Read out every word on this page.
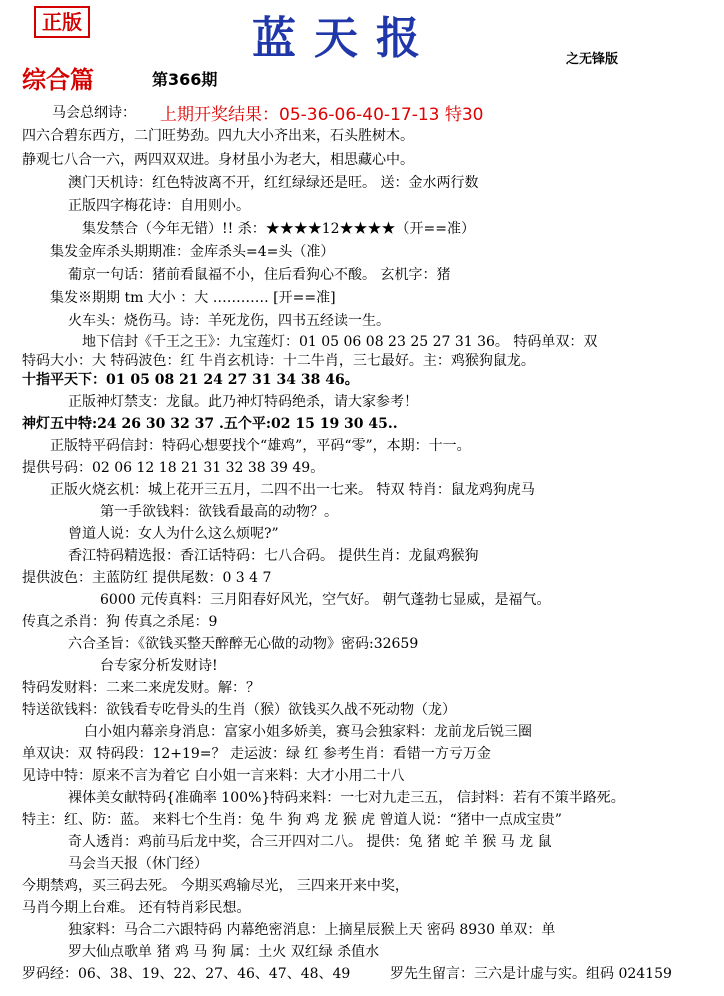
正版	蓝天报	之无锋版
综合篇	第366期
马会总纲诗： 上期开奖结果：05-36-06-40-17-13 特30
四六合碧东西方，二门旺势劲。四九大小齐出来，石头胜树木。
静观七八合一六，两四双双进。身材虽小为老大，相思藏心中。
澳门天机诗：红色特波离不开，红红绿绿还是旺。 送：金水两行数
正版四字梅花诗：自用则小。
集发禁合（今年无错）!! 杀：★★★★12★★★★（开==准）
集发金库杀头期期准：金库杀头=4=头（准）
葡京一句话：猪前看鼠福不小，住后看狗心不酸。 玄机字：猪
集发※期期 tm 大小 ：大 ………… [开==准]
火车头：烧伤马。诗：羊死龙伤，四书五经读一生。
地下信封《千王之王》：九宝莲灯：01 05 06 08 23 25 27 31 36。 特码单双：双
特码大小：大 特码波色：红 牛肖玄机诗：十二牛肖，三七最好。主：鸡猴狗鼠龙。
十指平天下：01 05 08 21 24 27 31 34 38 46。
正版神灯禁支：龙鼠。此乃神灯特码绝杀，请大家参考！
神灯五中特:24 26 30 32 37 .五个平:02 15 19 30 45..
正版特平码信封：特码心想要找个“雄鸡”，平码“零”，本期：十一。
提供号码：02 06 12 18 21 31 32 38 39 49。
正版火烧玄机：城上花开三五月，二四不出一七来。 特双 特肖：鼠龙鸡狗虎马
第一手欲钱料：欲钱看最高的动物？。
曾道人说：女人为什么这么烦呢?”
香江特码精选报：香江话特码：七八合码。 提供生肖：龙鼠鸡猴狗
提供波色：主蓝防红 提供尾数：0 3 4 7
6000 元传真料：三月阳春好风光，空气好。 朝气蓬勃七显威，是福气。
传真之杀肖：狗 传真之杀尾：9
六合圣旨：《欲钱买整天醉醉无心做的动物》密码:32659
台专家分析发财诗!
特码发财料：二来二来虎发财。解：？
特送欲钱料：欲钱看专吃骨头的生肖（猴）欲钱买久战不死动物（龙）
白小姐内幕亲身消息：富家小姐多娇美，赛马会独家料：龙前龙后锐三圈
单双诀：双 特码段：12+19=？ 走运波：绿 红 参考生肖：看错一方亏万金
见诗中特：原来不言为着它 白小姐一言来料：大才小用二十八
裸体美女献特码{准确率 100%}特码来料：一七对九走三五， 信封料：若有不策半路死。
特主：红、防：蓝。 来料七个生肖：兔 牛 狗 鸡 龙 猴 虎 曾道人说：“猪中一点成宝贵”
奇人透肖：鸡前马后龙中奖，合三开四对二八。 提供：兔 猪 蛇 羊 猴 马 龙 鼠
马会当天报（休门经）
今期禁鸡，买三码去死。 今期买鸡输尽光， 三四来开来中奖，
马肖今期上台难。 还有特肖彩民想。
独家料：马合二六跟特码 内幕绝密消息：上摘星辰猴上天 密码 8930 单双：单
罗大仙点歌单 猪 鸡 马 狗 属：土火 双红绿 杀值水
罗码经：06、38、19、22、27、46、47、48、49	罗先生留言：三六是计虚与实。组码 024159
